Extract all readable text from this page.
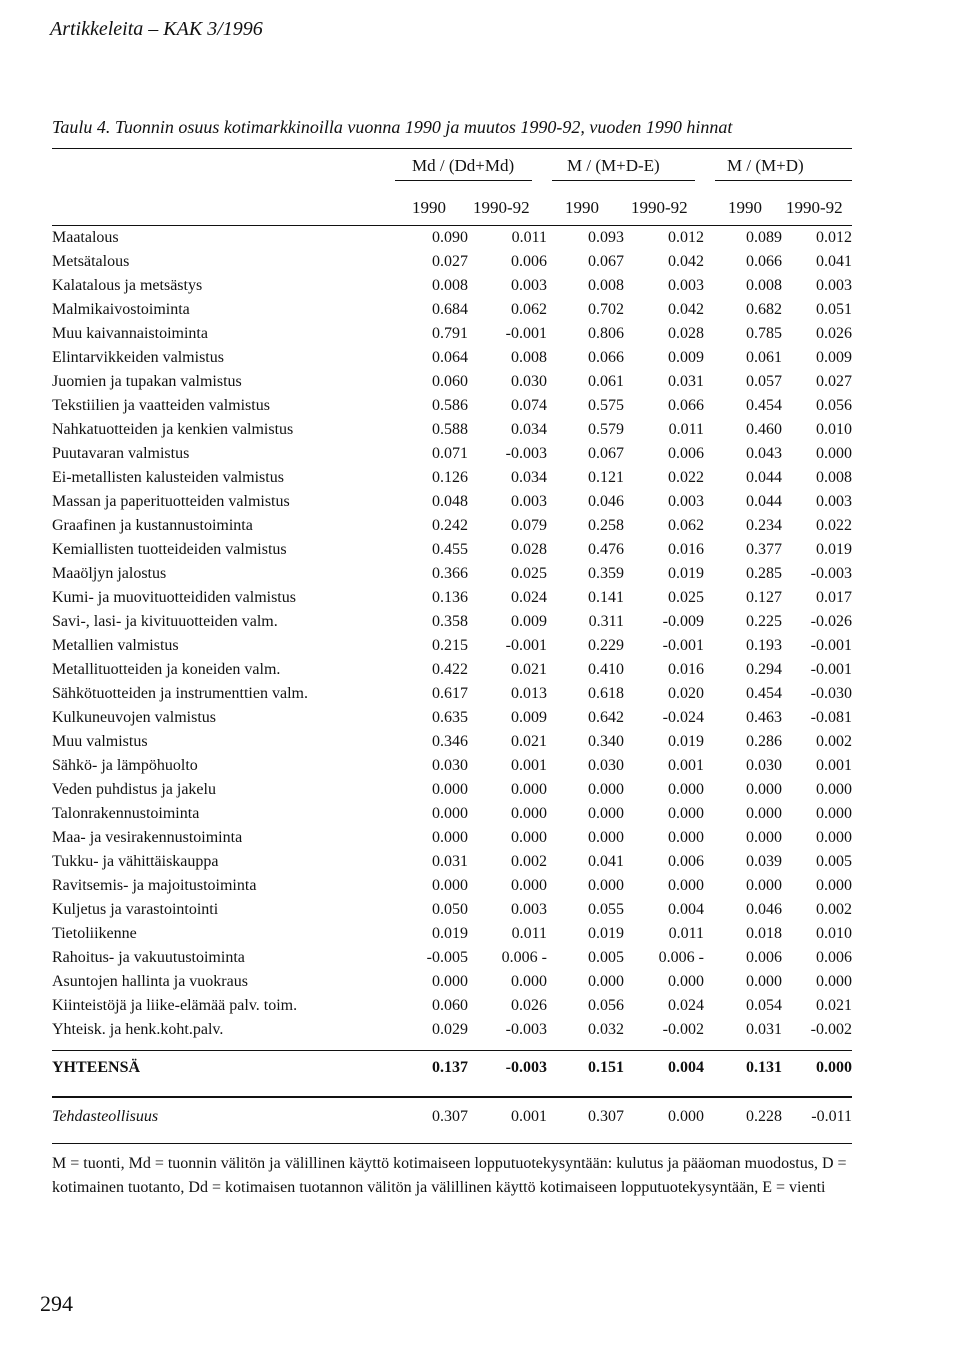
Artikkeleita – KAK 3/1996
Taulu 4. Tuonnin osuus kotimarkkinoilla vuonna 1990 ja muutos 1990-92, vuoden 1990 hinnat
Md / (Dd+Md)	M / (M+D-E)	M / (M+D)
1990 1990-92 1990 1990-92 1990 1990-92
Maatalous	0.090	0.011	0.093	0.012	0.089	0.012
Metsätalous	0.027	0.006	0.067	0.042	0.066	0.041
Kalatalous ja metsästys	0.008	0.003	0.008	0.003	0.008	0.003
Malmikaivostoiminta	0.684	0.062	0.702	0.042	0.682	0.051
Muu kaivannaistoiminta	0.791	-0.001	0.806	0.028	0.785	0.026
Elintarvikkeiden valmistus	0.064	0.008	0.066	0.009	0.061	0.009
Juomien ja tupakan valmistus	0.060	0.030	0.061	0.031	0.057	0.027
Tekstiilien ja vaatteiden valmistus	0.586	0.074	0.575	0.066	0.454	0.056
Nahkatuotteiden ja kenkien valmistus	0.588	0.034	0.579	0.011	0.460	0.010
Puutavaran valmistus	0.071	-0.003	0.067	0.006	0.043	0.000
Ei-metallisten kalusteiden valmistus	0.126	0.034	0.121	0.022	0.044	0.008
Massan ja paperituotteiden valmistus	0.048	0.003	0.046	0.003	0.044	0.003
Graafinen ja kustannustoiminta	0.242	0.079	0.258	0.062	0.234	0.022
Kemiallisten tuotteideiden valmistus	0.455	0.028	0.476	0.016	0.377	0.019
Maaöljyn jalostus	0.366	0.025	0.359	0.019	0.285	-0.003
Kumi- ja muovituotteididen valmistus	0.136	0.024	0.141	0.025	0.127	0.017
Savi-, lasi- ja kivituuotteiden valm.	0.358	0.009	0.311	-0.009	0.225	-0.026
Metallien valmistus	0.215	-0.001	0.229	-0.001	0.193	-0.001
Metallituotteiden ja koneiden valm.	0.422	0.021	0.410	0.016	0.294	-0.001
Sähkötuotteiden ja instrumenttien valm.	0.617	0.013	0.618	0.020	0.454	-0.030
Kulkuneuvojen valmistus	0.635	0.009	0.642	-0.024	0.463	-0.081
Muu valmistus	0.346	0.021	0.340	0.019	0.286	0.002
Sähkö- ja lämpöhuolto	0.030	0.001	0.030	0.001	0.030	0.001
Veden puhdistus ja jakelu	0.000	0.000	0.000	0.000	0.000	0.000
Talonrakennustoiminta	0.000	0.000	0.000	0.000	0.000	0.000
Maa- ja vesirakennustoiminta	0.000	0.000	0.000	0.000	0.000	0.000
Tukku- ja vähittäiskauppa	0.031	0.002	0.041	0.006	0.039	0.005
Ravitsemis- ja majoitustoiminta	0.000	0.000	0.000	0.000	0.000	0.000
Kuljetus ja varastointointi	0.050	0.003	0.055	0.004	0.046	0.002
Tietoliikenne	0.019	0.011	0.019	0.011	0.018	0.010
Rahoitus- ja vakuutustoiminta	-0.005	0.006 -	0.005	0.006 -	0.006	0.006
Asuntojen hallinta ja vuokraus	0.000	0.000	0.000	0.000	0.000	0.000
Kiinteistöjä ja liike-elämää palv. toim.	0.060	0.026	0.056	0.024	0.054	0.021
Yhteisk. ja henk.koht.palv.	0.029	-0.003	0.032	-0.002	0.031	-0.002
YHTEENSÄ	0.137	-0.003	0.151	0.004	0.131	0.000
Tehdasteollisuus	0.307	0.001	0.307	0.000	0.228	-0.011
M = tuonti, Md = tuonnin välitön ja välillinen käyttö kotimaiseen lopputuotekysyntään: kulutus ja pääoman muodostus, D = kotimainen tuotanto, Dd = kotimaisen tuotannon välitön ja välillinen käyttö kotimaiseen lopputuotekysyntään, E = vienti
294
